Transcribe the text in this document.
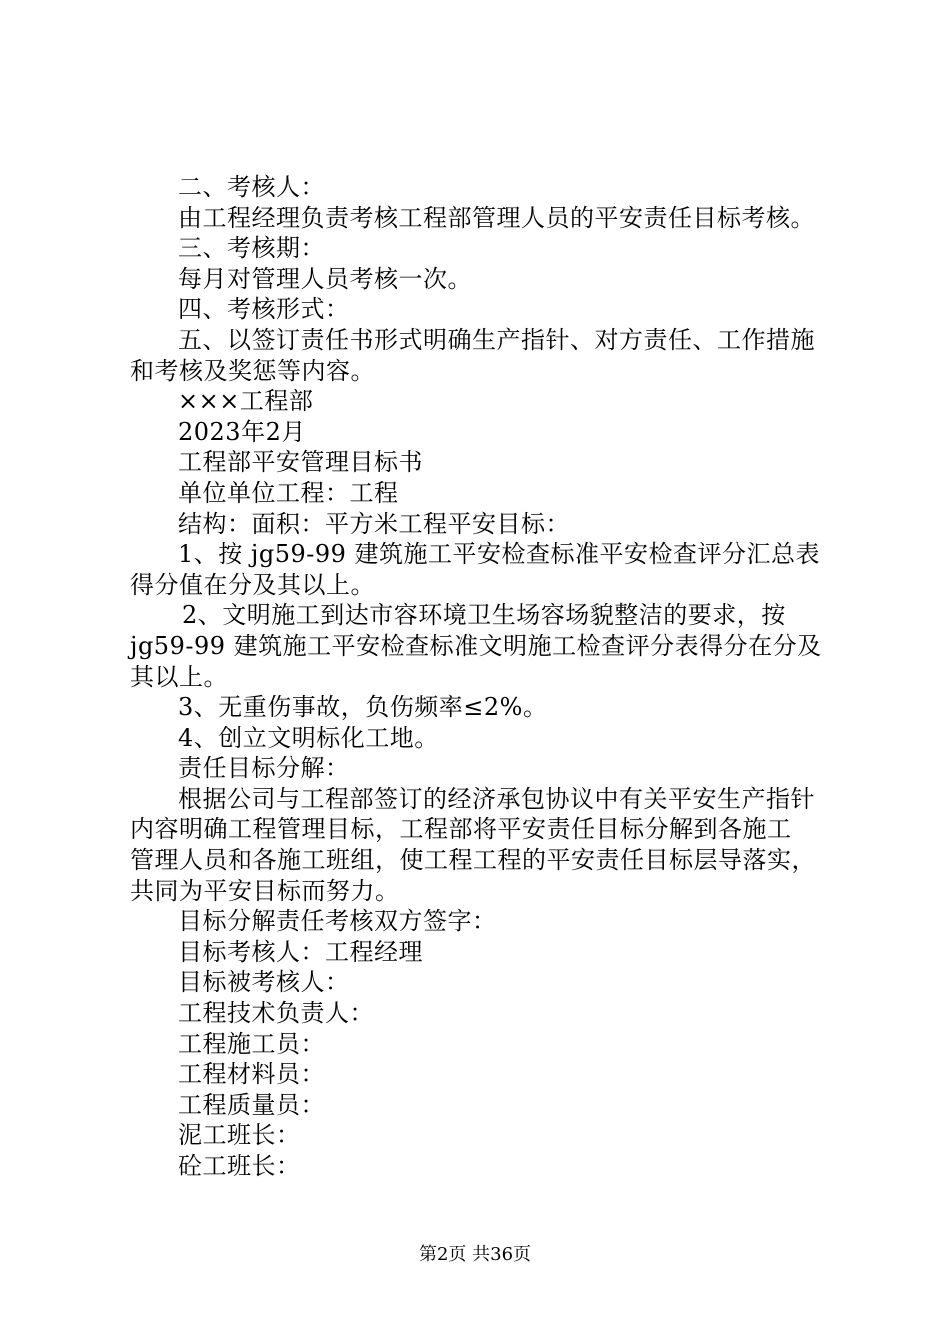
二、考核人：
由工程经理负责考核工程部管理人员的平安责任目标考核。
三、考核期：
每月对管理人员考核一次。
四、考核形式：
五、以签订责任书形式明确生产指针、对方责任、工作措施
和考核及奖惩等内容。
×××工程部
2023年2月
工程部平安管理目标书
单位单位工程：工程
结构：面积：平方米工程平安目标：
1、按 jg59-99 建筑施工平安检查标准平安检查评分汇总表
得分值在分及其以上。
2、文明施工到达市容环境卫生场容场貌整洁的要求，按
jg59-99 建筑施工平安检查标准文明施工检查评分表得分在分及
其以上。
3、无重伤事故，负伤频率≤2%。
4、创立文明标化工地。
责任目标分解：
根据公司与工程部签订的经济承包协议中有关平安生产指针
内容明确工程管理目标，工程部将平安责任目标分解到各施工
管理人员和各施工班组，使工程工程的平安责任目标层导落实，
共同为平安目标而努力。
目标分解责任考核双方签字：
目标考核人：工程经理
目标被考核人：
工程技术负责人：
工程施工员：
工程材料员：
工程质量员：
泥工班长：
砼工班长：
第2页 共36页
